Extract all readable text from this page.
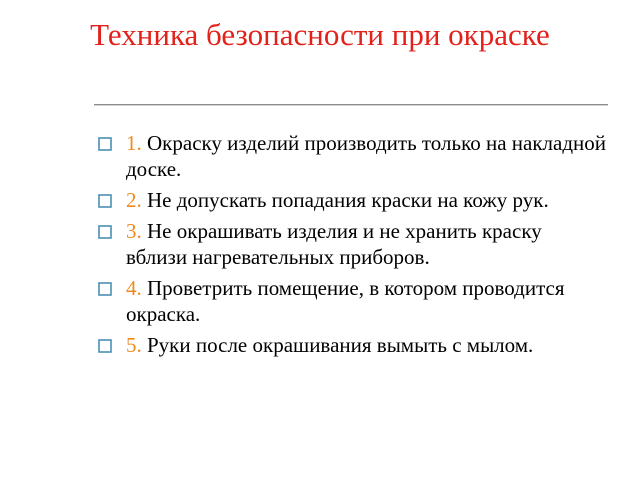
Техника безопасности при окраске
1. Окраску изделий производить только на накладной доске.
2. Не допускать попадания краски на кожу рук.
3. Не окрашивать изделия и не хранить краску вблизи нагревательных приборов.
4. Проветрить помещение, в котором проводится окраска.
5. Руки после окрашивания вымыть с мылом.
